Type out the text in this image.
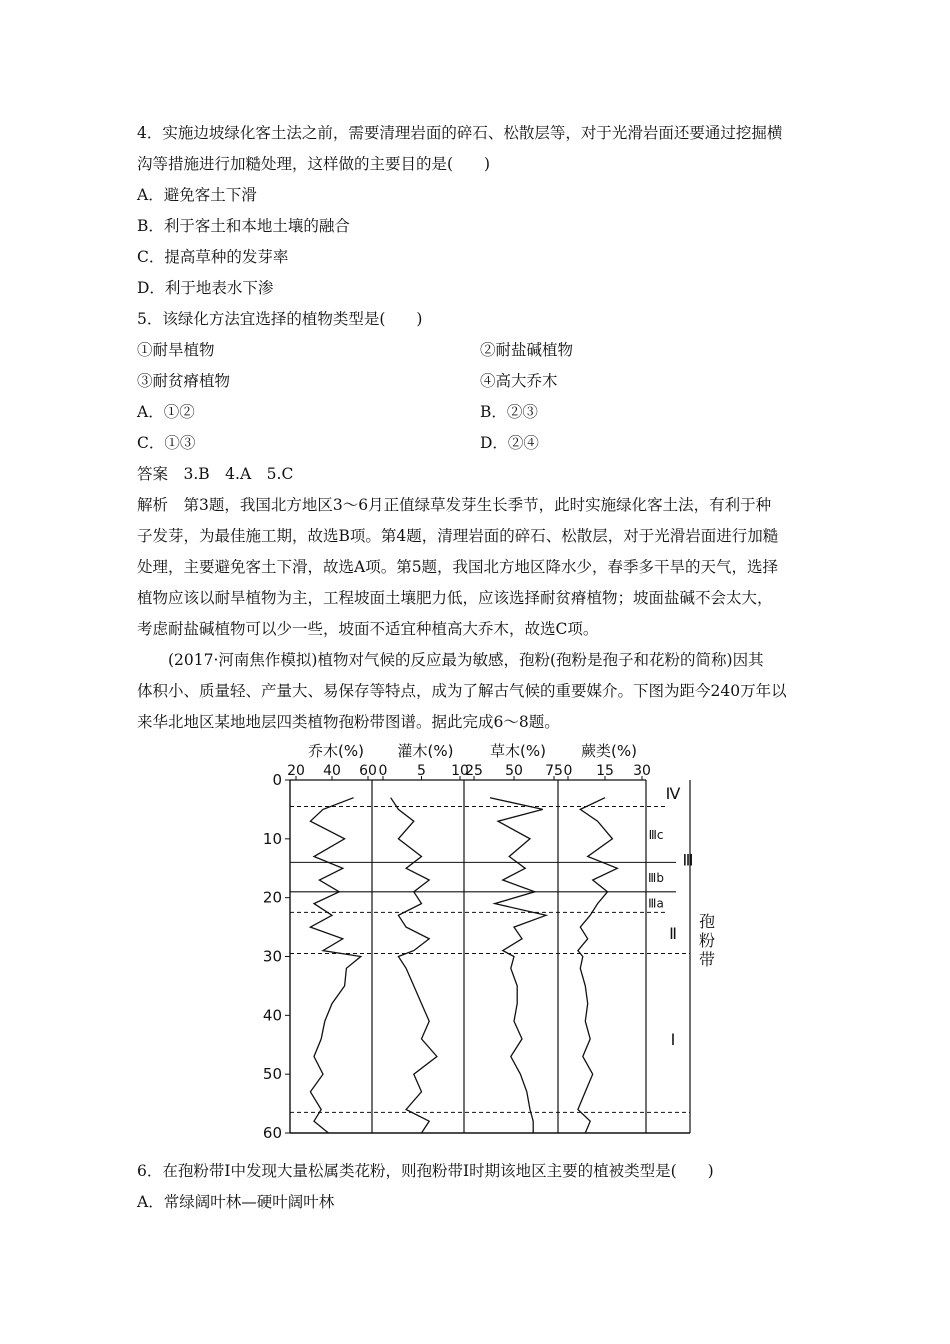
4．实施边坡绿化客土法之前，需要清理岩面的碎石、松散层等，对于光滑岩面还要通过挖掘横
沟等措施进行加糙处理，这样做的主要目的是(　　)
A．避免客土下滑
B．利于客土和本地土壤的融合
C．提高草种的发芽率
D．利于地表水下渗
5．该绿化方法宜选择的植物类型是(　　)
①耐旱植物	②耐盐碱植物
③耐贫瘠植物	④高大乔木
A．①②	B．②③
C．①③	D．②④
答案　3.B　4.A　5.C
解析　第3题，我国北方地区3～6月正值绿草发芽生长季节，此时实施绿化客土法，有利于种
子发芽，为最佳施工期，故选B项。第4题，清理岩面的碎石、松散层，对于光滑岩面进行加糙
处理，主要避免客土下滑，故选A项。第5题，我国北方地区降水少，春季多干旱的天气，选择
植物应该以耐旱植物为主，工程坡面土壤肥力低，应该选择耐贫瘠植物；坡面盐碱不会太大，
考虑耐盐碱植物可以少一些，坡面不适宜种植高大乔木，故选C项。
(2017·河南焦作模拟)植物对气候的反应最为敏感，孢粉(孢粉是孢子和花粉的简称)因其
体积小、质量轻、产量大、易保存等特点，成为了解古气候的重要媒介。下图为距今240万年以
来华北地区某地地层四类植物孢粉带图谱。据此完成6～8题。
0
10
20
30
40
50
60
乔木(%)
20 40 60
灌木(%)
0 5 10
草木(%)
25 50 75
蕨类(%)
0 15 30
Ⅳ
Ⅲc
Ⅲb
Ⅲa
Ⅲ
Ⅱ
Ⅰ
孢
粉
带
6．在孢粉带Ⅰ中发现大量松属类花粉，则孢粉带Ⅰ时期该地区主要的植被类型是(　　)
A．常绿阔叶林—硬叶阔叶林
